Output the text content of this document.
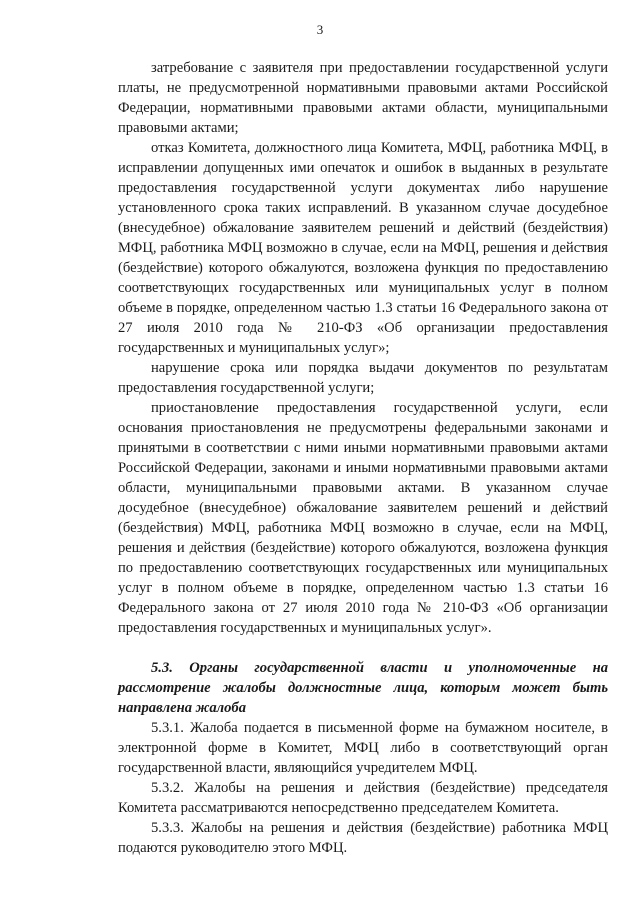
3

затребование с заявителя при предоставлении государственной услуги платы, не предусмотренной нормативными правовыми актами Российской Федерации, нормативными правовыми актами области, муниципальными правовыми актами;

отказ Комитета, должностного лица Комитета, МФЦ, работника МФЦ, в исправлении допущенных ими опечаток и ошибок в выданных в результате предоставления государственной услуги документах либо нарушение установленного срока таких исправлений. В указанном случае досудебное (внесудебное) обжалование заявителем решений и действий (бездействия) МФЦ, работника МФЦ возможно в случае, если на МФЦ, решения и действия (бездействие) которого обжалуются, возложена функция по предоставлению соответствующих государственных или муниципальных услуг в полном объеме в порядке, определенном частью 1.3 статьи 16 Федерального закона от 27 июля 2010 года № 210-ФЗ «Об организации предоставления государственных и муниципальных услуг»;

нарушение срока или порядка выдачи документов по результатам предоставления государственной услуги;

приостановление предоставления государственной услуги, если основания приостановления не предусмотрены федеральными законами и принятыми в соответствии с ними иными нормативными правовыми актами Российской Федерации, законами и иными нормативными правовыми актами области, муниципальными правовыми актами. В указанном случае досудебное (внесудебное) обжалование заявителем решений и действий (бездействия) МФЦ, работника МФЦ возможно в случае, если на МФЦ, решения и действия (бездействие) которого обжалуются, возложена функция по предоставлению соответствующих государственных или муниципальных услуг в полном объеме в порядке, определенном частью 1.3 статьи 16 Федерального закона от 27 июля 2010 года № 210-ФЗ «Об организации предоставления государственных и муниципальных услуг».

5.3. Органы государственной власти и уполномоченные на рассмотрение жалобы должностные лица, которым может быть направлена жалоба

5.3.1. Жалоба подается в письменной форме на бумажном носителе, в электронной форме в Комитет, МФЦ либо в соответствующий орган государственной власти, являющийся учредителем МФЦ.

5.3.2. Жалобы на решения и действия (бездействие) председателя Комитета рассматриваются непосредственно председателем Комитета.

5.3.3. Жалобы на решения и действия (бездействие) работника МФЦ подаются руководителю этого МФЦ.
